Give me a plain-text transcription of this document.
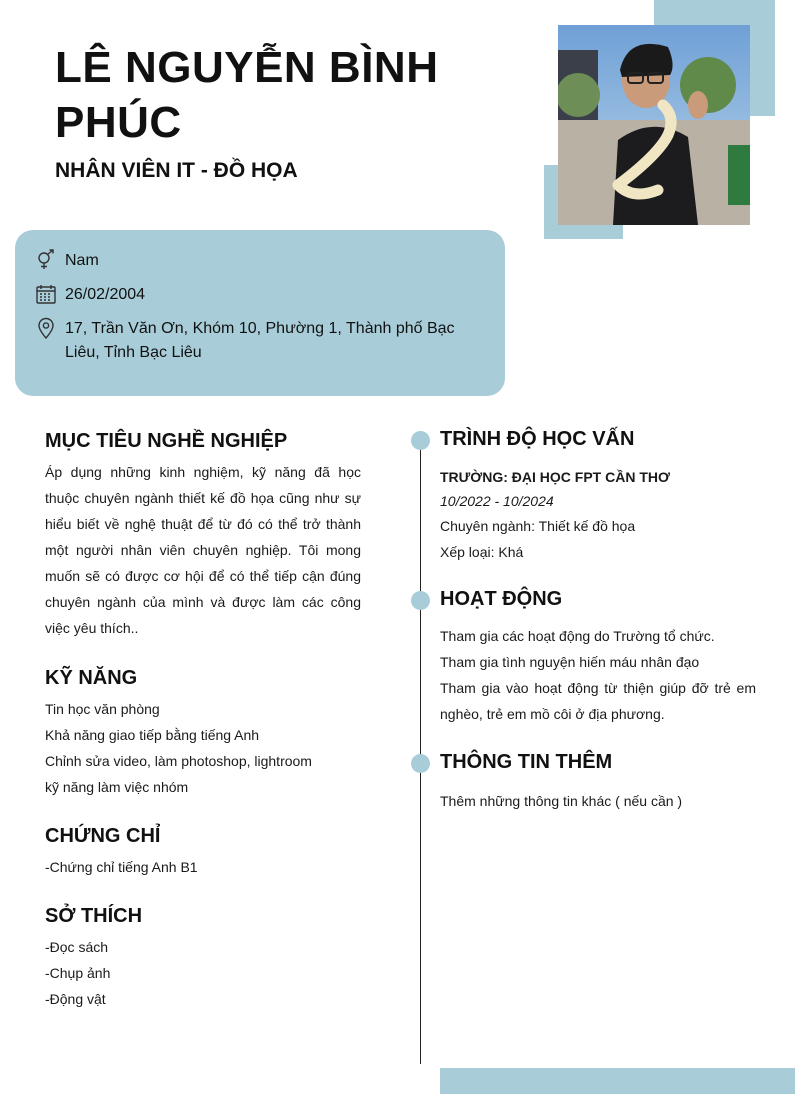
LÊ NGUYỄN BÌNH PHÚC
NHÂN VIÊN IT - ĐỒ HỌA
Nam
26/02/2004
17, Trần Văn Ơn, Khóm 10, Phường 1, Thành phố Bạc Liêu, Tỉnh Bạc Liêu
MỤC TIÊU NGHỀ NGHIỆP

Áp dụng những kinh nghiệm, kỹ năng đã học thuộc chuyên ngành thiết kế đồ họa cũng như sự hiểu biết về nghệ thuật để từ đó có thể trở thành một người nhân viên chuyên nghiệp. Tôi mong muốn sẽ có được cơ hội để có thể tiếp cận đúng chuyên ngành của mình và được làm các công việc yêu thích..

KỸ NĂNG
Tin học văn phòng
Khả năng giao tiếp bằng tiếng Anh
Chỉnh sửa video, làm photoshop, lightroom
kỹ năng làm việc nhóm
CHỨNG CHỈ
-Chứng chỉ tiếng Anh B1
SỞ THÍCH
-Đọc sách
-Chụp ảnh
-Động vật
TRÌNH ĐỘ HỌC VẤN
TRƯỜNG: ĐẠI HỌC FPT CẦN THƠ
10/2022 - 10/2024
Chuyên ngành: Thiết kế đồ họa
Xếp loại: Khá
HOẠT ĐỘNG
Tham gia các hoạt động do Trường tổ chức.
Tham gia tình nguyện hiến máu nhân đạo
Tham gia vào hoạt động từ thiện giúp đỡ trẻ em nghèo, trẻ em mồ côi ở địa phương.
THÔNG TIN THÊM
Thêm những thông tin khác ( nếu cần )
